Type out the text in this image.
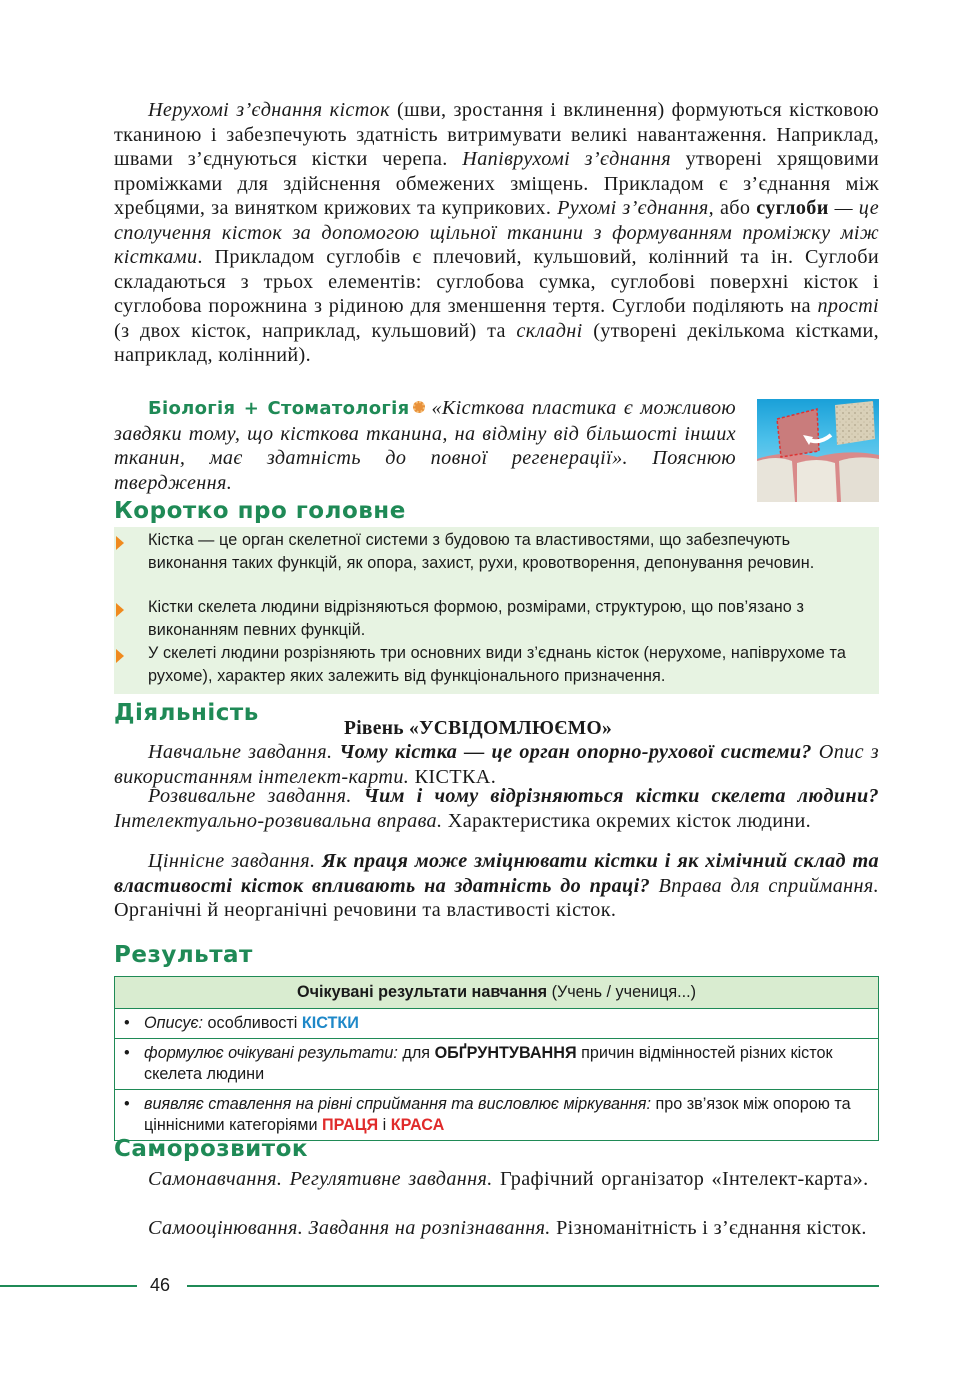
Нерухомі з’єднання кісток (шви, зростання і вклинення) формуються кістковою тканиною і забезпечують здатність витримувати великі навантаження. Наприклад, швами з’єднуються кістки черепа. Напіврухомі з’єднання утворені хрящовими проміжками для здійснення обмежених зміщень. Прикладом є з’єднання між хребцями, за винятком крижових та куприкових. Рухомі з’єднання, або суглоби — це сполучення кісток за допомогою щільної тканини з формуванням проміжку між кістками. Прикладом суглобів є плечовий, кульшовий, колінний та ін. Суглоби складаються з трьох елементів: суглобова сумка, суглобові поверхні кісток і суглобова порожнина з рідиною для зменшення тертя. Суглоби поділяють на прості (з двох кісток, наприклад, кульшовий) та складні (утворені декількома кістками, наприклад, колінний).
Біологія + Стоматологія «Кісткова пластика є можливою завдяки тому, що кісткова тканина, на відміну від більшості інших тканин, має здатність до повної регенерації». Пояснюю твердження.
Коротко про головне
Кістка — це орган скелетної системи з будовою та властивостями, що забезпечують виконання таких функцій, як опора, захист, рухи, кровотворення, депонування речовин.
Кістки скелета людини відрізняються формою, розмірами, структурою, що пов’язано з виконанням певних функцій.
У скелеті людини розрізняють три основних види з’єднань кісток (нерухоме, напіврухоме та рухоме), характер яких залежить від функціонального призначення.
Діяльність
Рівень «УСВІДОМЛЮЄМО»
Навчальне завдання. Чому кістка — це орган опорно-рухової системи? Опис з використанням інтелект-карти. КІСТКА.
Розвивальне завдання. Чим і чому відрізняються кістки скелета людини? Інтелектуально-розвивальна вправа. Характеристика окремих кісток людини.
Ціннісне завдання. Як праця може зміцнювати кістки і як хімічний склад та властивості кісток впливають на здатність до праці? Вправа для сприймання. Органічні й неорганічні речовини та властивості кісток.
Результат
Очікувані результати навчання (Учень / учениця...)
• Описує: особливості КІСТКИ
• формулює очікувані результати: для ОБҐРУНТУВАННЯ причин відмінностей різних кісток скелета людини
• виявляє ставлення на рівні сприймання та висловлює міркування: про зв’язок між опорою та ціннісними категоріями ПРАЦЯ і КРАСА
Саморозвиток
Самонавчання. Регулятивне завдання. Графічний організатор «Інтелект-карта».
Самооцінювання. Завдання на розпізнавання. Різноманітність і з’єднання кісток.
46
